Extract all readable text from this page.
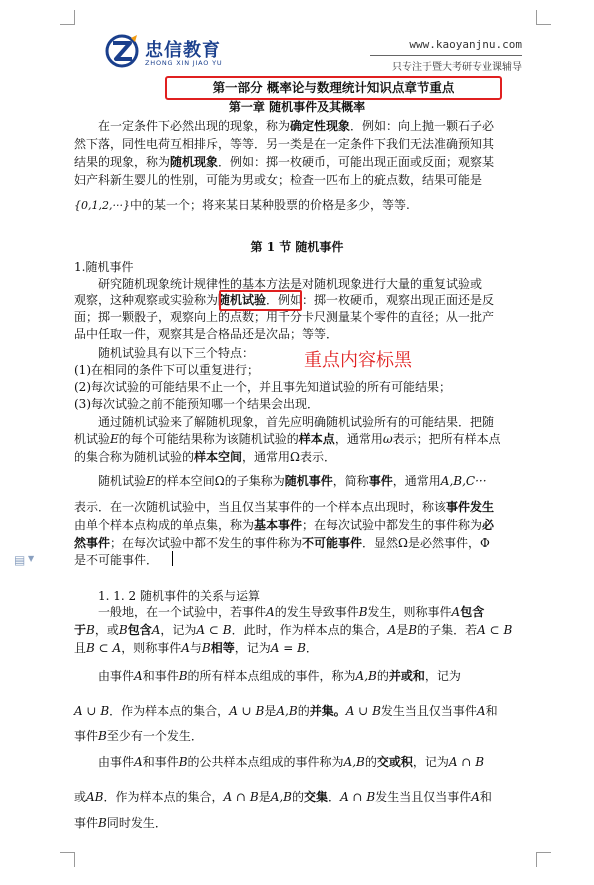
忠信教育
ZHONG XIN JIAO YU
www.kaoyanjnu.com
只专注于暨大考研专业课辅导
第一部分 概率论与数理统计知识点章节重点
第一章 随机事件及其概率
在一定条件下必然出现的现象，称为确定性现象．例如：向上抛一颗石子必
然下落，同性电荷互相排斥，等等．另一类是在一定条件下我们无法准确预知其
结果的现象，称为随机现象．例如：掷一枚硬币，可能出现正面或反面；观察某
妇产科新生婴儿的性别，可能为男或女；检查一匹布上的疵点数，结果可能是
{0,1,2,···}中的某一个；将来某日某种股票的价格是多少，等等.
第 1 节 随机事件
1.随机事件
研究随机现象统计规律性的基本方法是对随机现象进行大量的重复试验或
观察，这种观察或实验称为随机试验．例如：掷一枚硬币，观察出现正面还是反
面；掷一颗骰子，观察向上的点数；用千分卡尺测量某个零件的直径；从一批产
品中任取一件，观察其是合格品还是次品；等等．
随机试验具有以下三个特点：	重点内容标黑
(1)在相同的条件下可以重复进行；
(2)每次试验的可能结果不止一个，并且事先知道试验的所有可能结果；
(3)每次试验之前不能预知哪一个结果会出现．
通过随机试验来了解随机现象，首先应明确随机试验所有的可能结果．把随
机试验E的每个可能结果称为该随机试验的样本点，通常用ω表示；把所有样本点
的集合称为随机试验的样本空间，通常用Ω表示．
随机试验E的样本空间Ω的子集称为随机事件，简称事件，通常用A,B,C···
表示．在一次随机试验中，当且仅当某事件的一个样本点出现时，称该事件发生
由单个样本点构成的单点集，称为基本事件；在每次试验中都发生的事件称为必
然事件；在每次试验中都不发生的事件称为不可能事件．显然Ω是必然事件，Φ
是不可能事件．
▤ ▼
1. 1. 2 随机事件的关系与运算
一般地，在一个试验中，若事件A的发生导致事件B发生，则称事件A包含
于B，或B包含A，记为A ⊂ B．此时，作为样本点的集合，A是B的子集．若A ⊂ B
且B ⊂ A，则称事件A与B相等，记为A = B．
由事件A和事件B的所有样本点组成的事件，称为A,B的并或和，记为
A ∪ B．作为样本点的集合，A ∪ B是A,B的并集。A ∪ B发生当且仅当事件A和
事件B至少有一个发生．
由事件A和事件B的公共样本点组成的事件称为A,B的交或积，记为A ∩ B
或AB．作为样本点的集合，A ∩ B是A,B的交集．A ∩ B发生当且仅当事件A和
事件B同时发生．
